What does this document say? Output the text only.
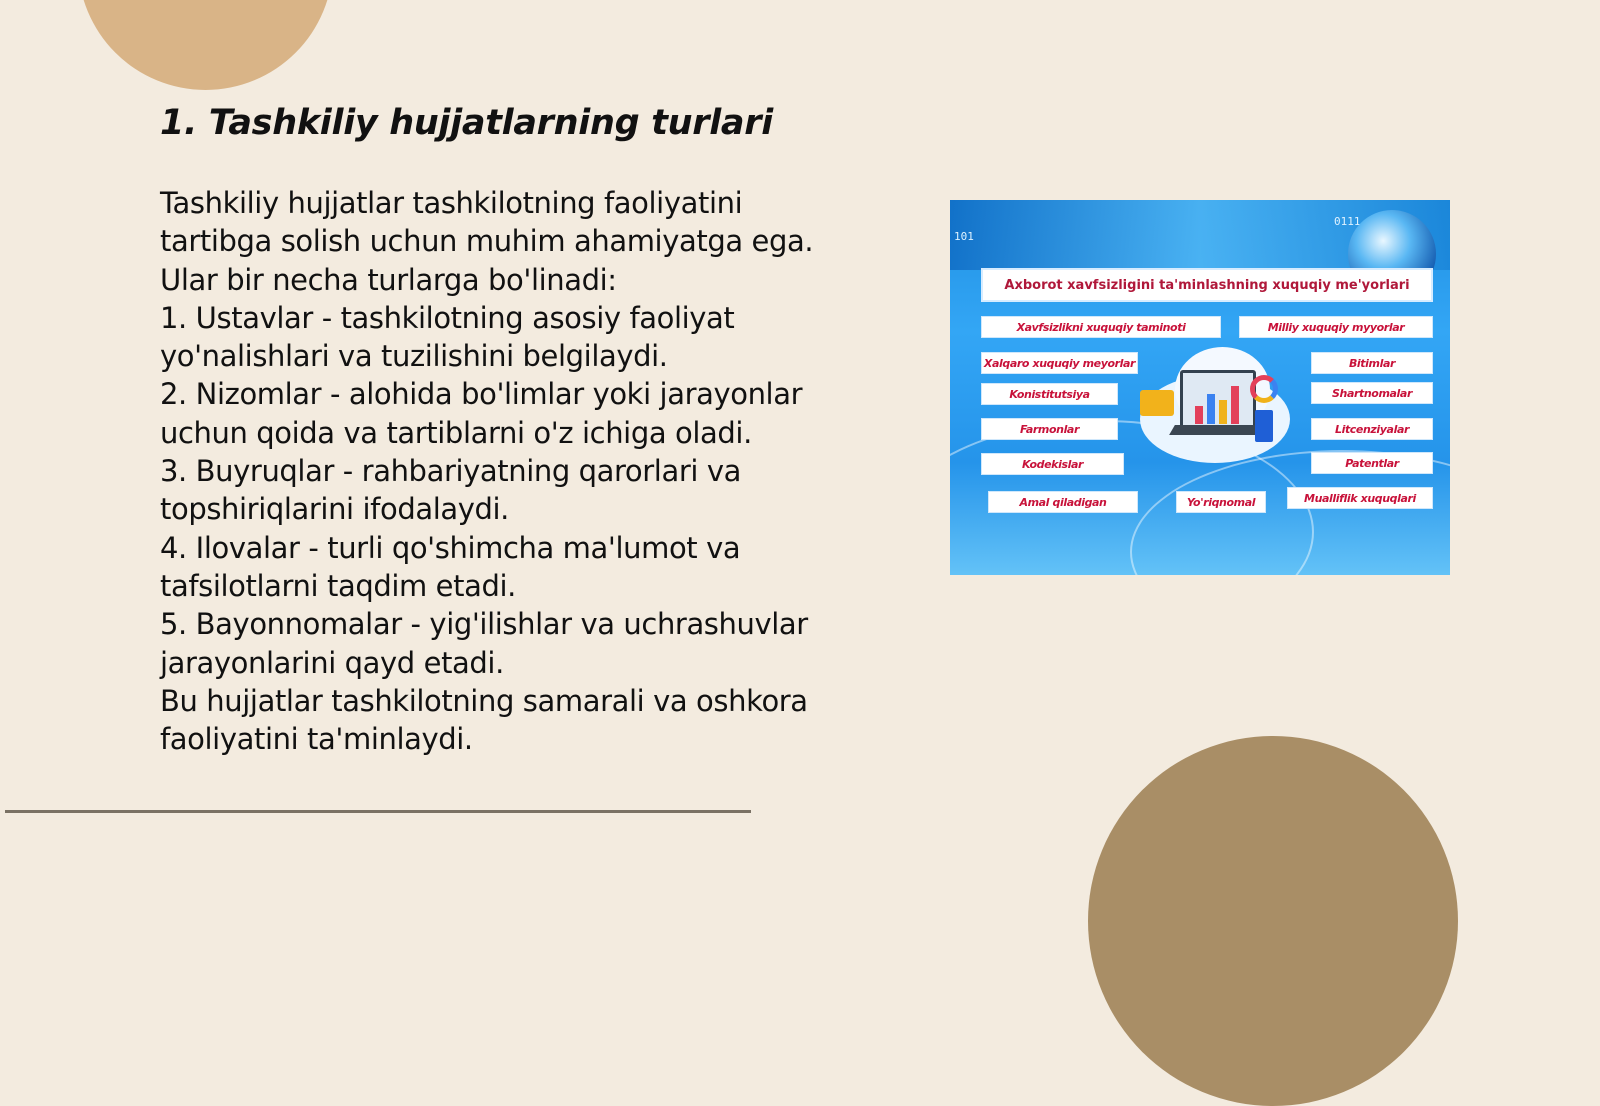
1. Tashkiliy hujjatlarning turlari

Tashkiliy hujjatlar tashkilotning faoliyatini tartibga solish uchun muhim ahamiyatga ega. Ular bir necha turlarga bo'linadi:

1. Ustavlar - tashkilotning asosiy faoliyat yo'nalishlari va tuzilishini belgilaydi.

2. Nizomlar - alohida bo'limlar yoki jarayonlar uchun qoida va tartiblarni o'z ichiga oladi.

3. Buyruqlar - rahbariyatning qarorlari va topshiriqlarini ifodalaydi.

4. Ilovalar - turli qo'shimcha ma'lumot va tafsilotlarni taqdim etadi.

5. Bayonnomalar - yig'ilishlar va uchrashuvlar jarayonlarini qayd etadi.

Bu hujjatlar tashkilotning samarali va oshkora faoliyatini ta'minlaydi.

0111
101
Axborot xavfsizligini ta'minlashning xuquqiy me'yorlari
Xavfsizlikni xuquqiy taminoti	Milliy xuquqiy myyorlar
Xalqaro xuquqiy meyorlar	Bitimlar
Konistitutsiya	Shartnomalar
Farmonlar	Litcenziyalar
Kodekislar	Patentlar
Amal qiladigan	Yo'riqnomal	Mualliflik xuquqlari
